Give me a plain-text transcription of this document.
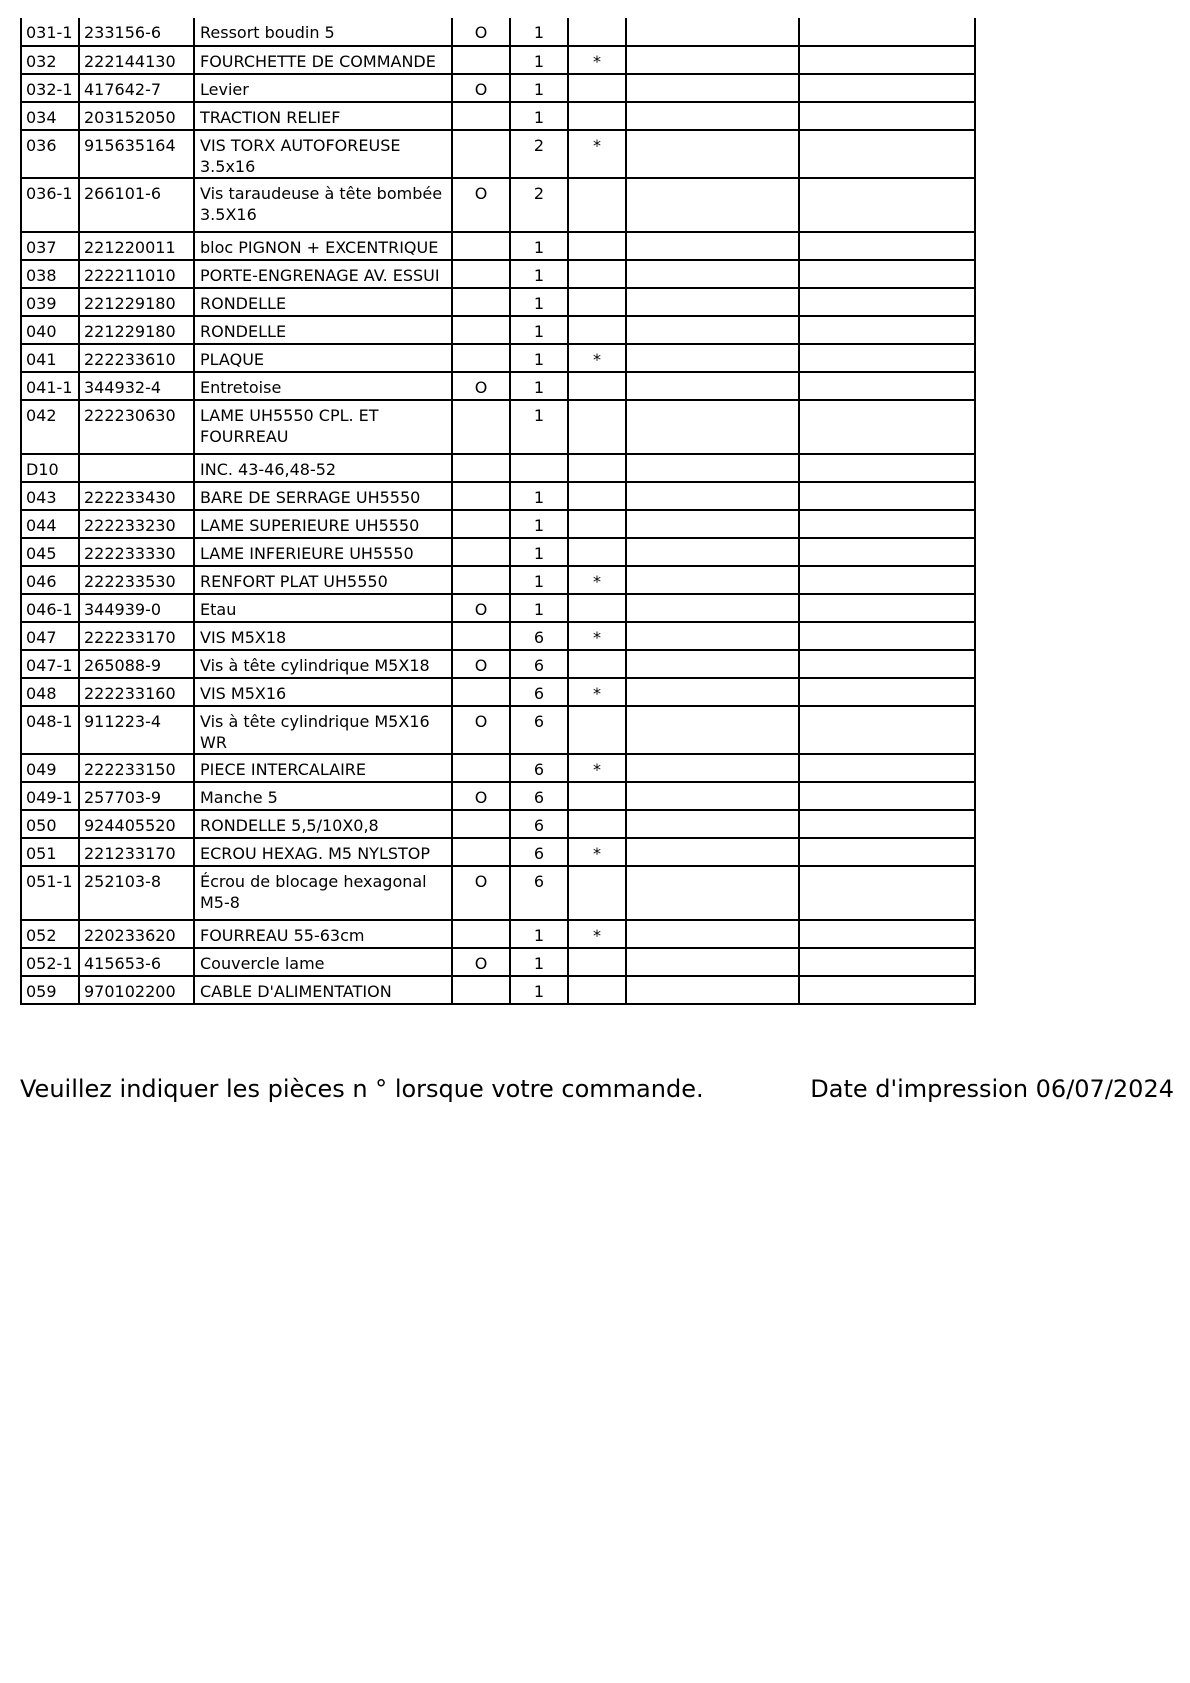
031-1	233156-6	Ressort boudin 5	O	1			
032	222144130	FOURCHETTE DE COMMANDE		1	*		
032-1	417642-7	Levier	O	1			
034	203152050	TRACTION RELIEF		1			
036	915635164	VIS TORX AUTOFOREUSE 3.5x16		2	*		
036-1	266101-6	Vis taraudeuse à tête bombée 3.5X16	O	2			
037	221220011	bloc PIGNON + EXCENTRIQUE		1			
038	222211010	PORTE-ENGRENAGE AV. ESSUI		1			
039	221229180	RONDELLE		1			
040	221229180	RONDELLE		1			
041	222233610	PLAQUE		1	*		
041-1	344932-4	Entretoise	O	1			
042	222230630	LAME UH5550 CPL. ET FOURREAU		1			
D10		INC. 43-46,48-52					
043	222233430	BARE DE SERRAGE UH5550		1			
044	222233230	LAME SUPERIEURE UH5550		1			
045	222233330	LAME INFERIEURE UH5550		1			
046	222233530	RENFORT PLAT UH5550		1	*		
046-1	344939-0	Etau	O	1			
047	222233170	VIS M5X18		6	*		
047-1	265088-9	Vis à tête cylindrique M5X18	O	6			
048	222233160	VIS M5X16		6	*		
048-1	911223-4	Vis à tête cylindrique M5X16 WR	O	6			
049	222233150	PIECE INTERCALAIRE		6	*		
049-1	257703-9	Manche 5	O	6			
050	924405520	RONDELLE 5,5/10X0,8		6			
051	221233170	ECROU HEXAG. M5 NYLSTOP		6	*		
051-1	252103-8	Écrou de blocage hexagonal M5-8	O	6			
052	220233620	FOURREAU 55-63cm		1	*		
052-1	415653-6	Couvercle lame	O	1			
059	970102200	CABLE D'ALIMENTATION		1			
Veuillez indiquer les pièces n ° lorsque votre commande.	Date d'impression 06/07/2024
